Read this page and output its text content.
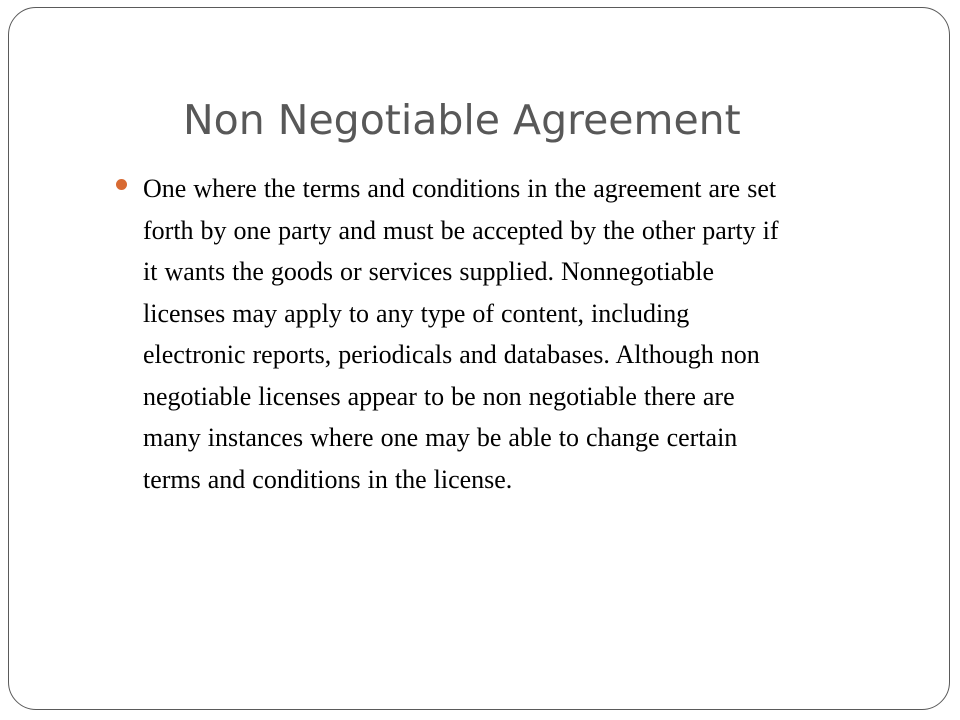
Non Negotiable Agreement
One where the terms and conditions in the agreement are set
forth by one party and must be accepted by the other party if
it wants the goods or services supplied. Nonnegotiable
licenses may apply to any type of content, including
electronic reports, periodicals and databases. Although non
negotiable licenses appear to be non negotiable there are
many instances where one may be able to change certain
terms and conditions in the license.
